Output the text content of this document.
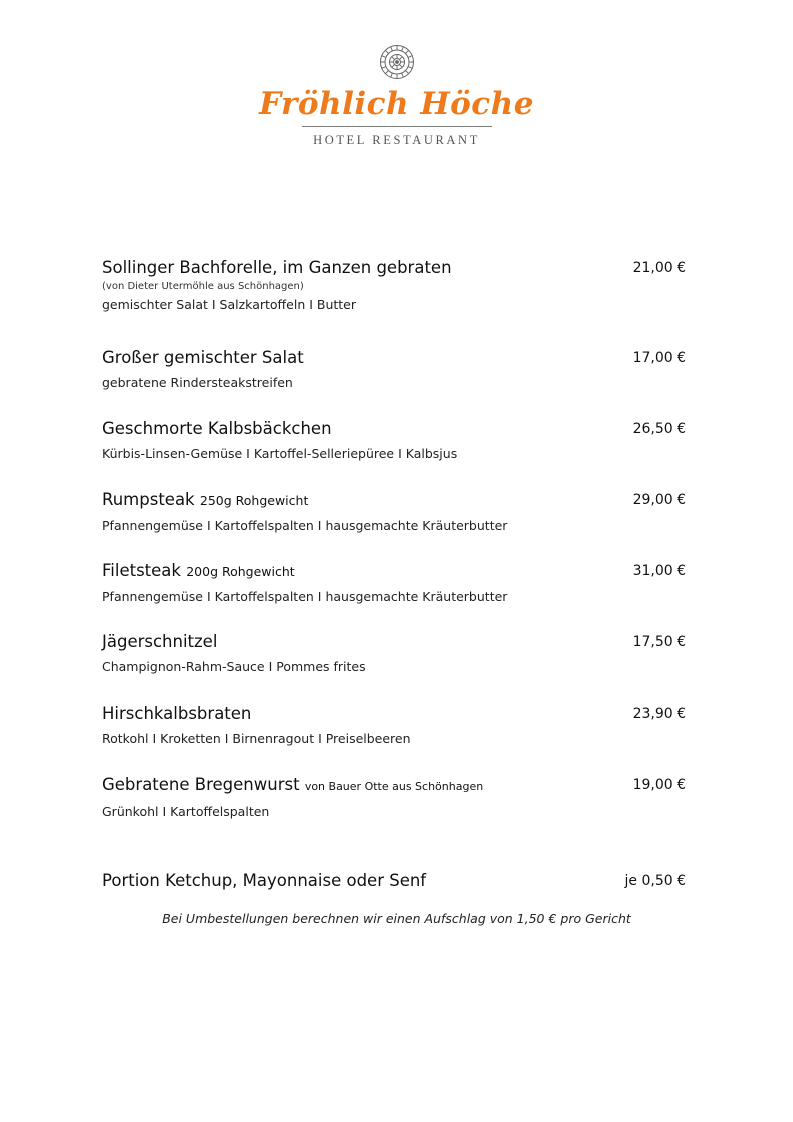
Fröhlich Höche
HOTEL RESTAURANT
Sollinger Bachforelle, im Ganzen gebraten	21,00 €
(von Dieter Utermöhle aus Schönhagen)
gemischter Salat I Salzkartoffeln I Butter
Großer gemischter Salat	17,00 €
gebratene Rindersteakstreifen
Geschmorte Kalbsbäckchen	26,50 €
Kürbis-Linsen-Gemüse I Kartoffel-Selleriepüree I Kalbsjus
Rumpsteak 250g Rohgewicht	29,00 €
Pfannengemüse I Kartoffelspalten I hausgemachte Kräuterbutter
Filetsteak 200g Rohgewicht	31,00 €
Pfannengemüse I Kartoffelspalten I hausgemachte Kräuterbutter
Jägerschnitzel	17,50 €
Champignon-Rahm-Sauce I Pommes frites
Hirschkalbsbraten	23,90 €
Rotkohl I Kroketten I Birnenragout I Preiselbeeren
Gebratene Bregenwurst von Bauer Otte aus Schönhagen	19,00 €
Grünkohl I Kartoffelspalten
Portion Ketchup, Mayonnaise oder Senf	je 0,50 €
Bei Umbestellungen berechnen wir einen Aufschlag von 1,50 € pro Gericht
